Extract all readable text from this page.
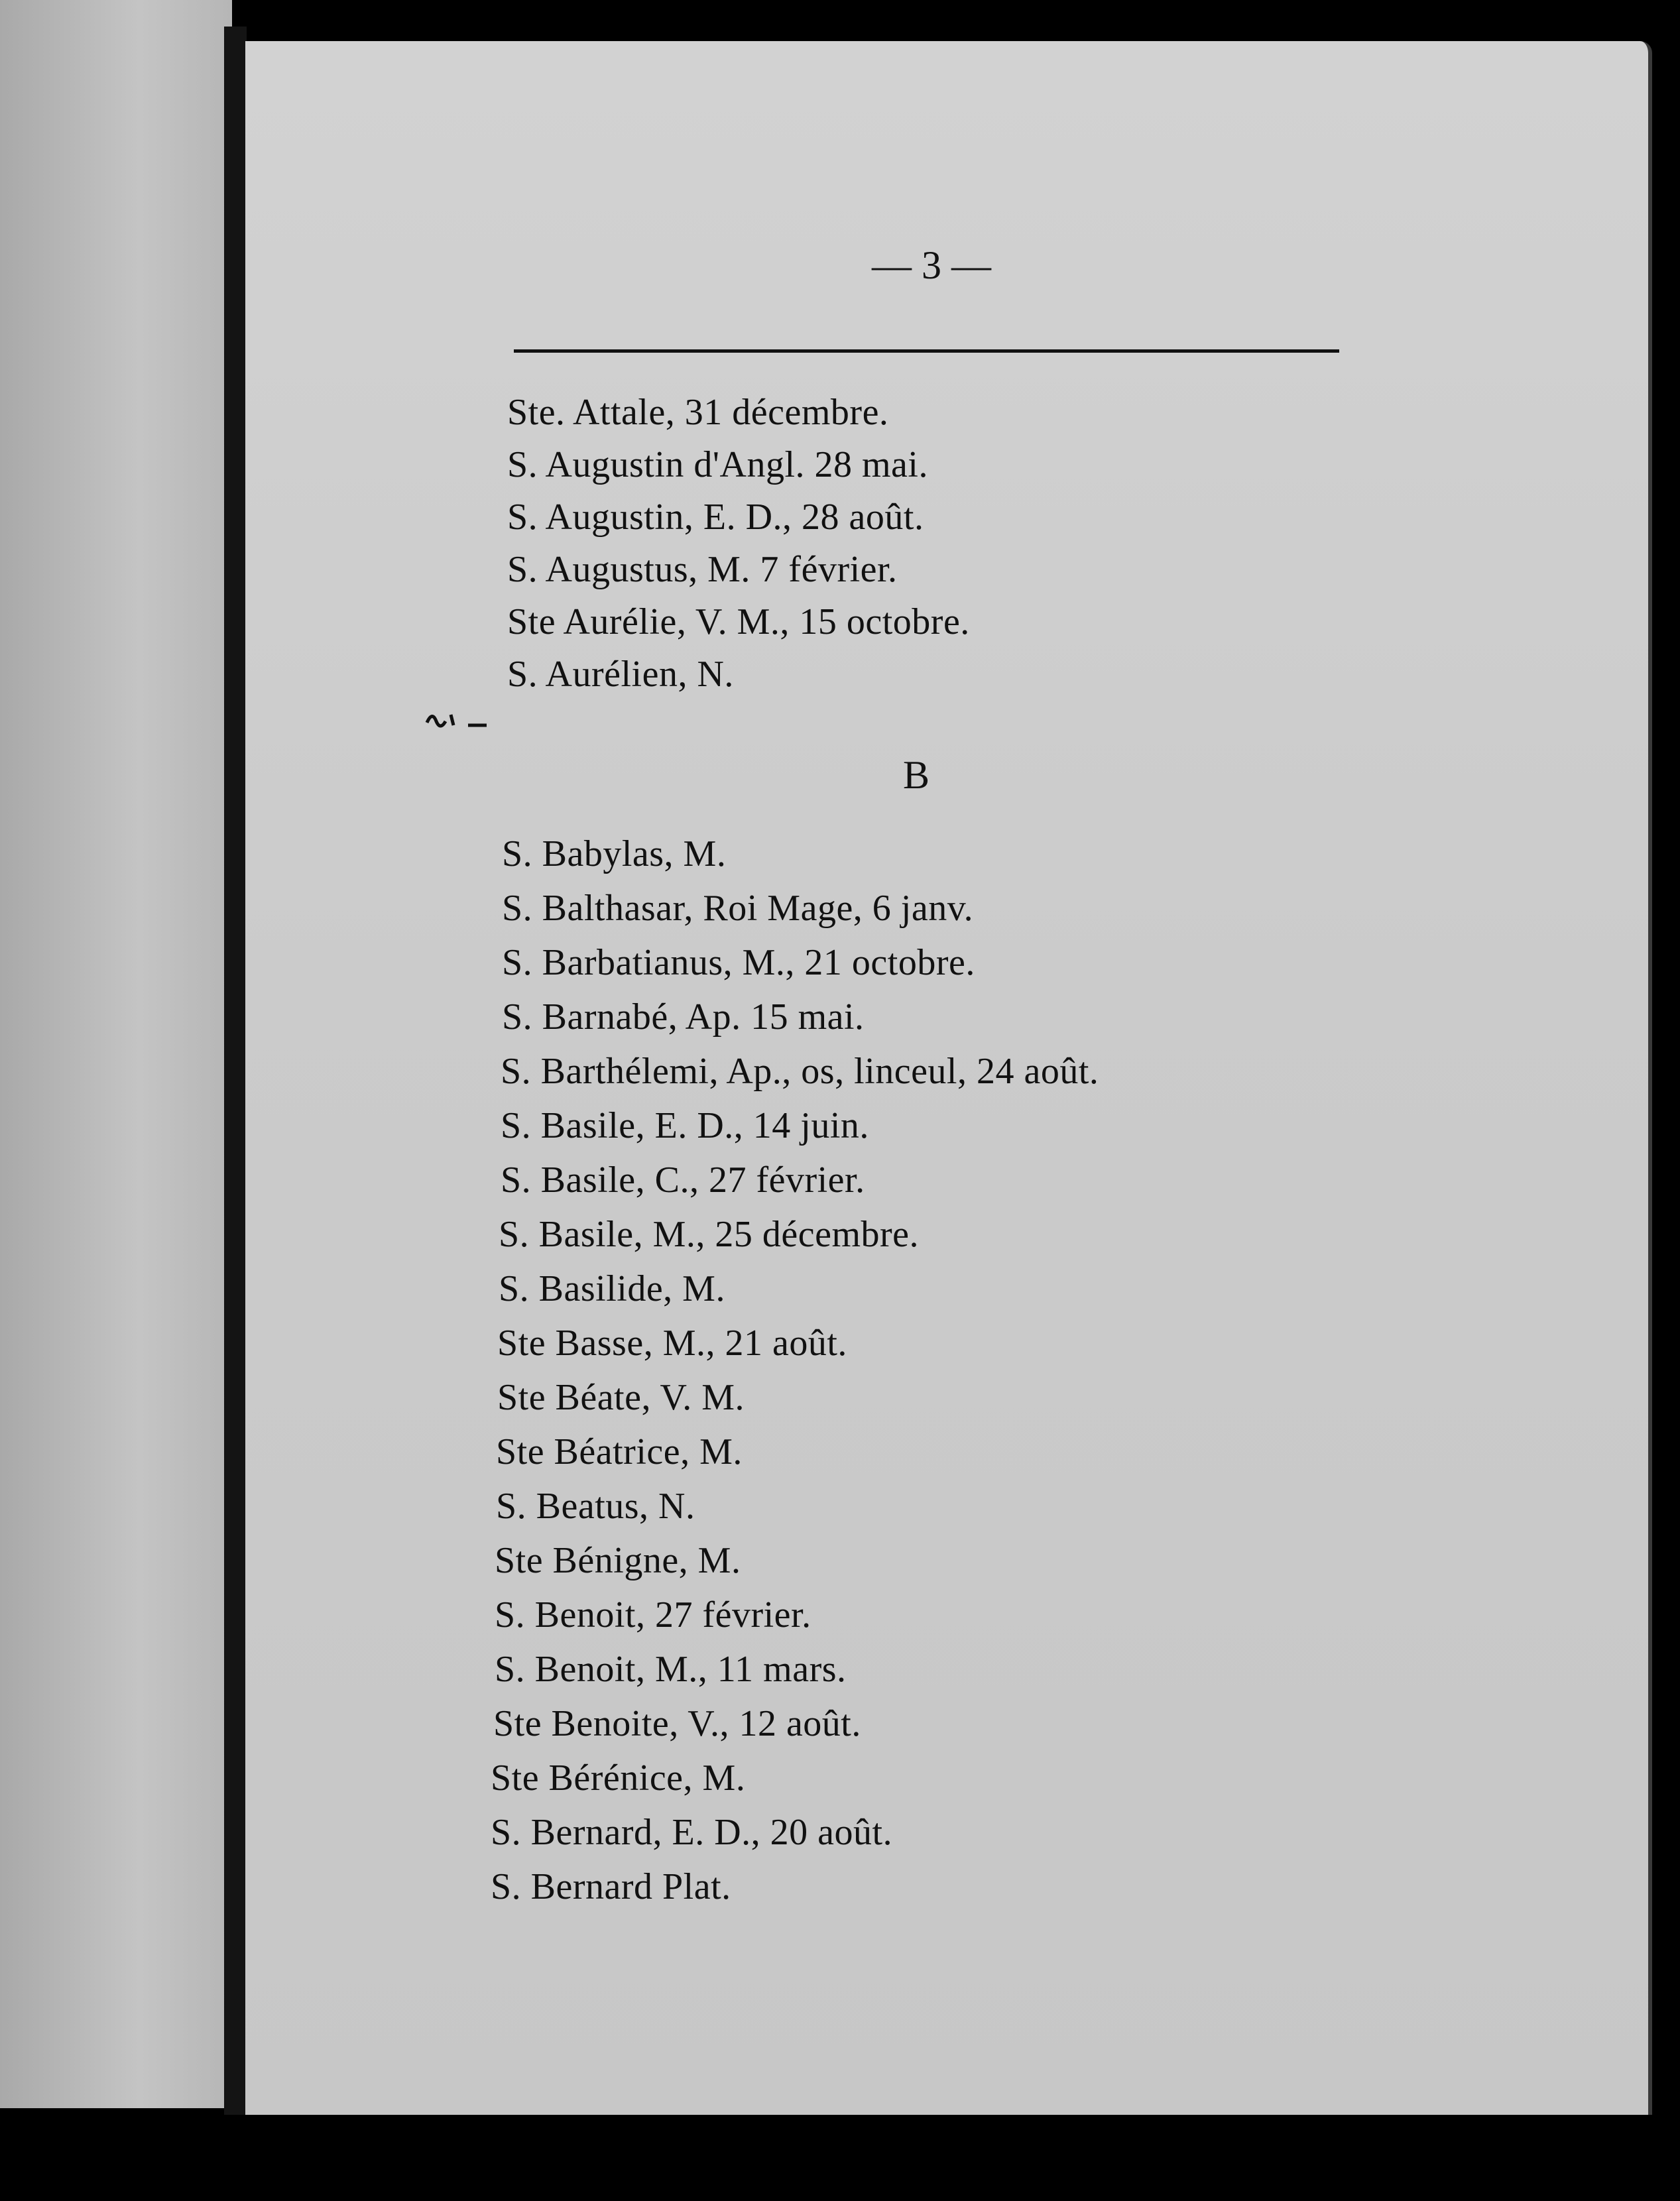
— 3 —
Ste. Attale, 31 décembre.
S. Augustin d'Angl. 28 mai.
S. Augustin, E. D., 28 août.
S. Augustus, M. 7 février.
Ste Aurélie, V. M., 15 octobre.
S. Aurélien, N.
B
S. Babylas, M.
S. Balthasar, Roi Mage, 6 janv.
S. Barbatianus, M., 21 octobre.
S. Barnabé, Ap. 15 mai.
S. Barthélemi, Ap., os, linceul, 24 août.
S. Basile, E. D., 14 juin.
S. Basile, C., 27 février.
S. Basile, M., 25 décembre.
S. Basilide, M.
Ste Basse, M., 21 août.
Ste Béate, V. M.
Ste Béatrice, M.
S. Beatus, N.
Ste Bénigne, M.
S. Benoit, 27 février.
S. Benoit, M., 11 mars.
Ste Benoite, V., 12 août.
Ste Bérénice, M.
S. Bernard, E. D., 20 août.
S. Bernard Plat.
